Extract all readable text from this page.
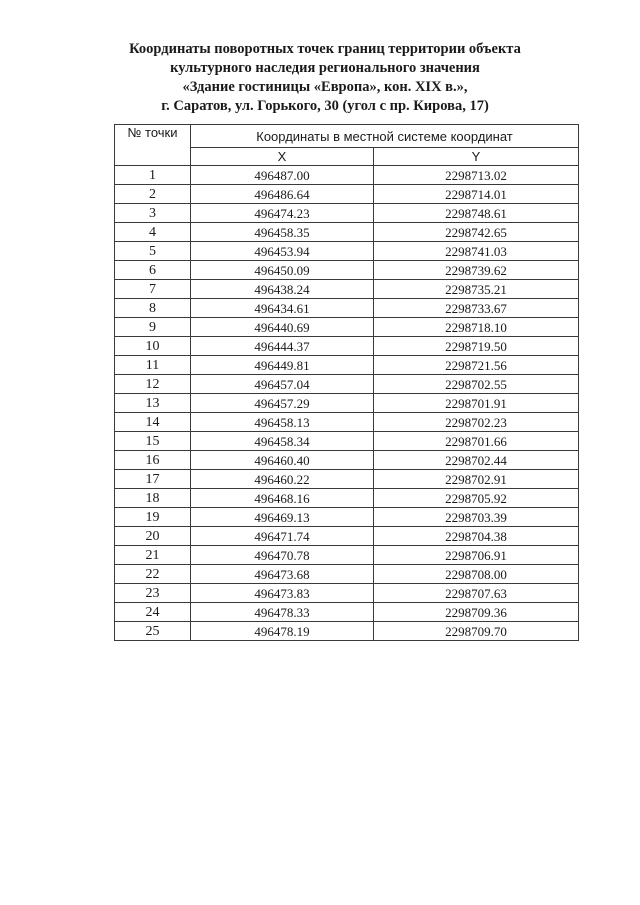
Координаты поворотных точек границ территории объекта
культурного наследия регионального значения
«Здание гостиницы «Европа», кон. XIX в.»,
г. Саратов, ул. Горького, 30 (угол с пр. Кирова, 17)
№ точки	Координаты в местной системе координат	
	X	Y
1	496487.00	2298713.02
2	496486.64	2298714.01
3	496474.23	2298748.61
4	496458.35	2298742.65
5	496453.94	2298741.03
6	496450.09	2298739.62
7	496438.24	2298735.21
8	496434.61	2298733.67
9	496440.69	2298718.10
10	496444.37	2298719.50
11	496449.81	2298721.56
12	496457.04	2298702.55
13	496457.29	2298701.91
14	496458.13	2298702.23
15	496458.34	2298701.66
16	496460.40	2298702.44
17	496460.22	2298702.91
18	496468.16	2298705.92
19	496469.13	2298703.39
20	496471.74	2298704.38
21	496470.78	2298706.91
22	496473.68	2298708.00
23	496473.83	2298707.63
24	496478.33	2298709.36
25	496478.19	2298709.70
